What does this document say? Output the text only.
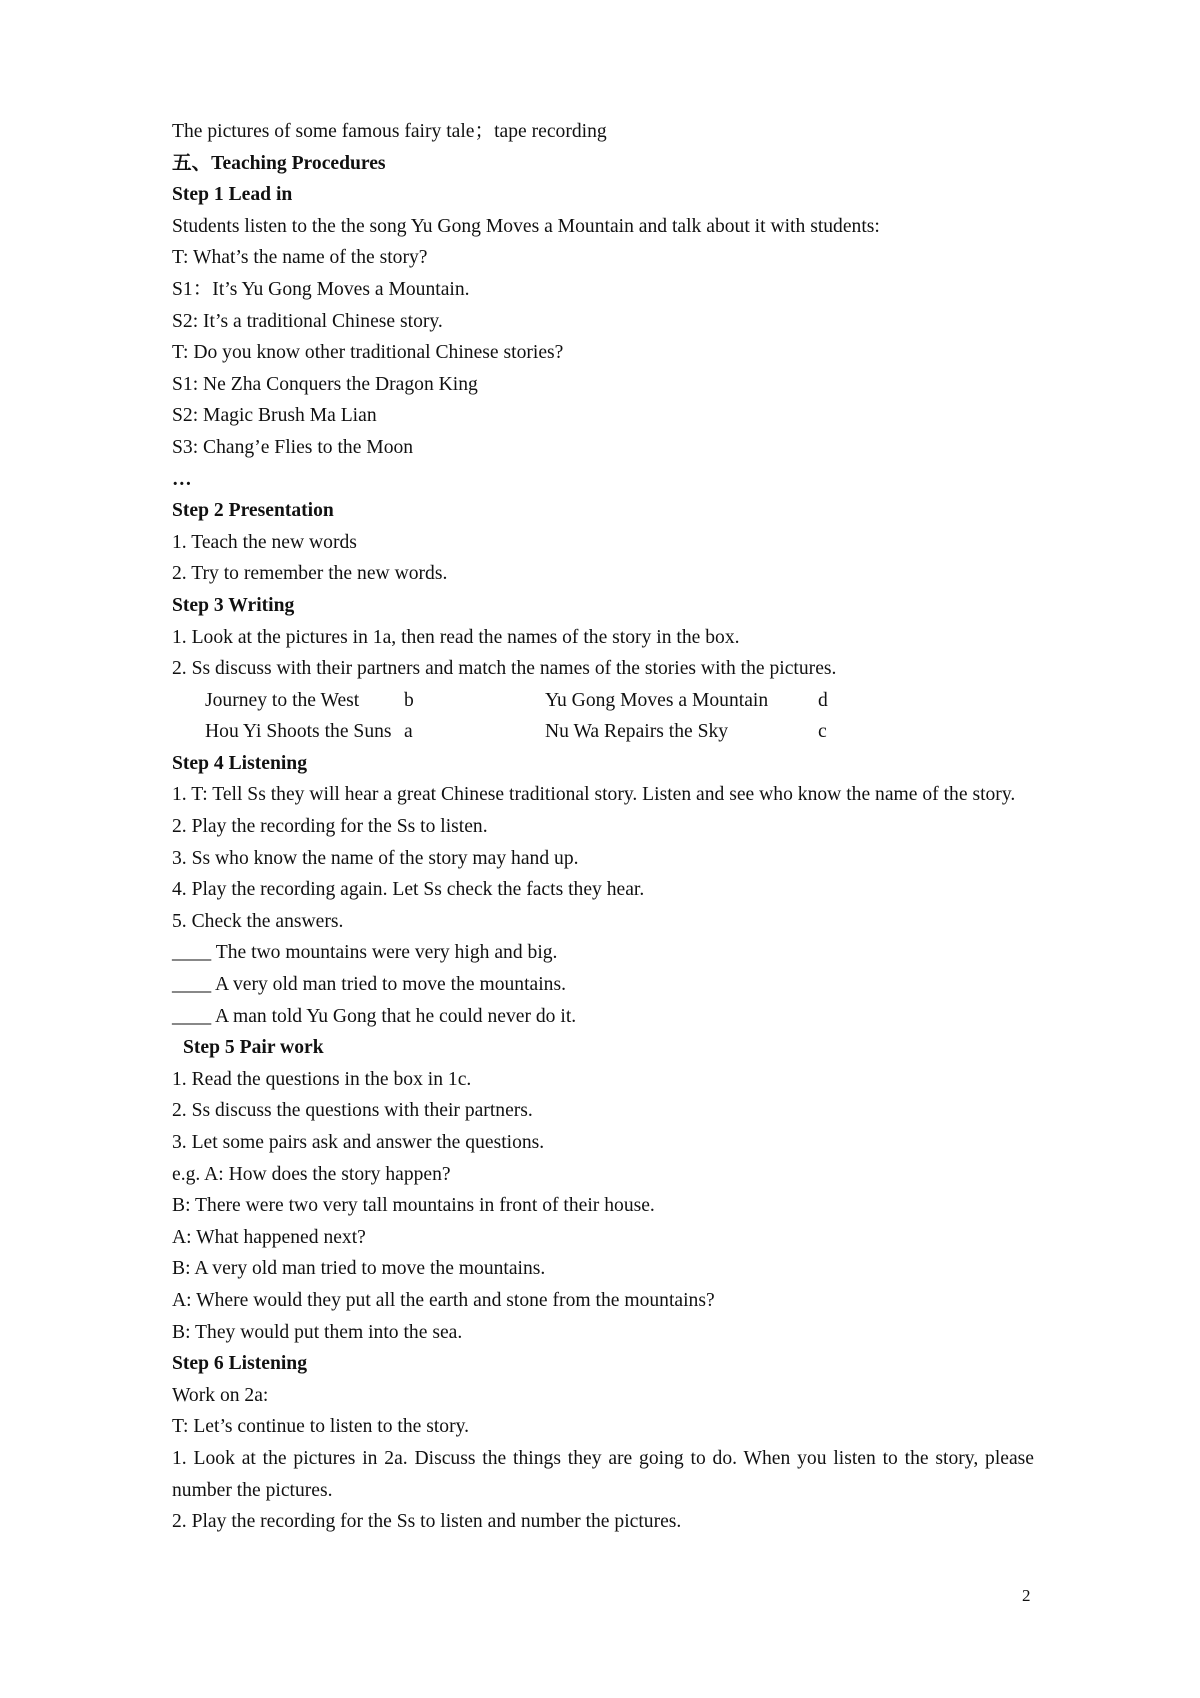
The pictures of some famous fairy tale；tape recording
五、Teaching Procedures
Step 1 Lead in
Students listen to the the song Yu Gong Moves a Mountain and talk about it with students:
T: What’s the name of the story?
S1：It’s Yu Gong Moves a Mountain.
S2: It’s a traditional Chinese story.
T: Do you know other traditional Chinese stories?
S1: Ne Zha Conquers the Dragon King
S2: Magic Brush Ma Lian
S3: Chang’e Flies to the Moon
…
Step 2 Presentation
1. Teach the new words
2. Try to remember the new words.
Step 3 Writing
1. Look at the pictures in 1a, then read the names of the story in the box.
2. Ss discuss with their partners and match the names of the stories with the pictures.
Journey to the West b	Yu Gong Moves a Mountain	d
Hou Yi Shoots the Suns a	Nu Wa Repairs the Sky	c
Step 4 Listening
1. T: Tell Ss they will hear a great Chinese traditional story. Listen and see who know the name of the story.
2. Play the recording for the Ss to listen.
3. Ss who know the name of the story may hand up.
4. Play the recording again. Let Ss check the facts they hear.
5. Check the answers.
____ The two mountains were very high and big.
____ A very old man tried to move the mountains.
____ A man told Yu Gong that he could never do it.
Step 5 Pair work
1. Read the questions in the box in 1c.
2. Ss discuss the questions with their partners.
3. Let some pairs ask and answer the questions.
e.g. A: How does the story happen?
B: There were two very tall mountains in front of their house.
A: What happened next?
B: A very old man tried to move the mountains.
A: Where would they put all the earth and stone from the mountains?
B: They would put them into the sea.
Step 6 Listening
Work on 2a:
T: Let’s continue to listen to the story.
1. Look at the pictures in 2a. Discuss the things they are going to do. When you listen to the story, please number the pictures.
2. Play the recording for the Ss to listen and number the pictures.
2
